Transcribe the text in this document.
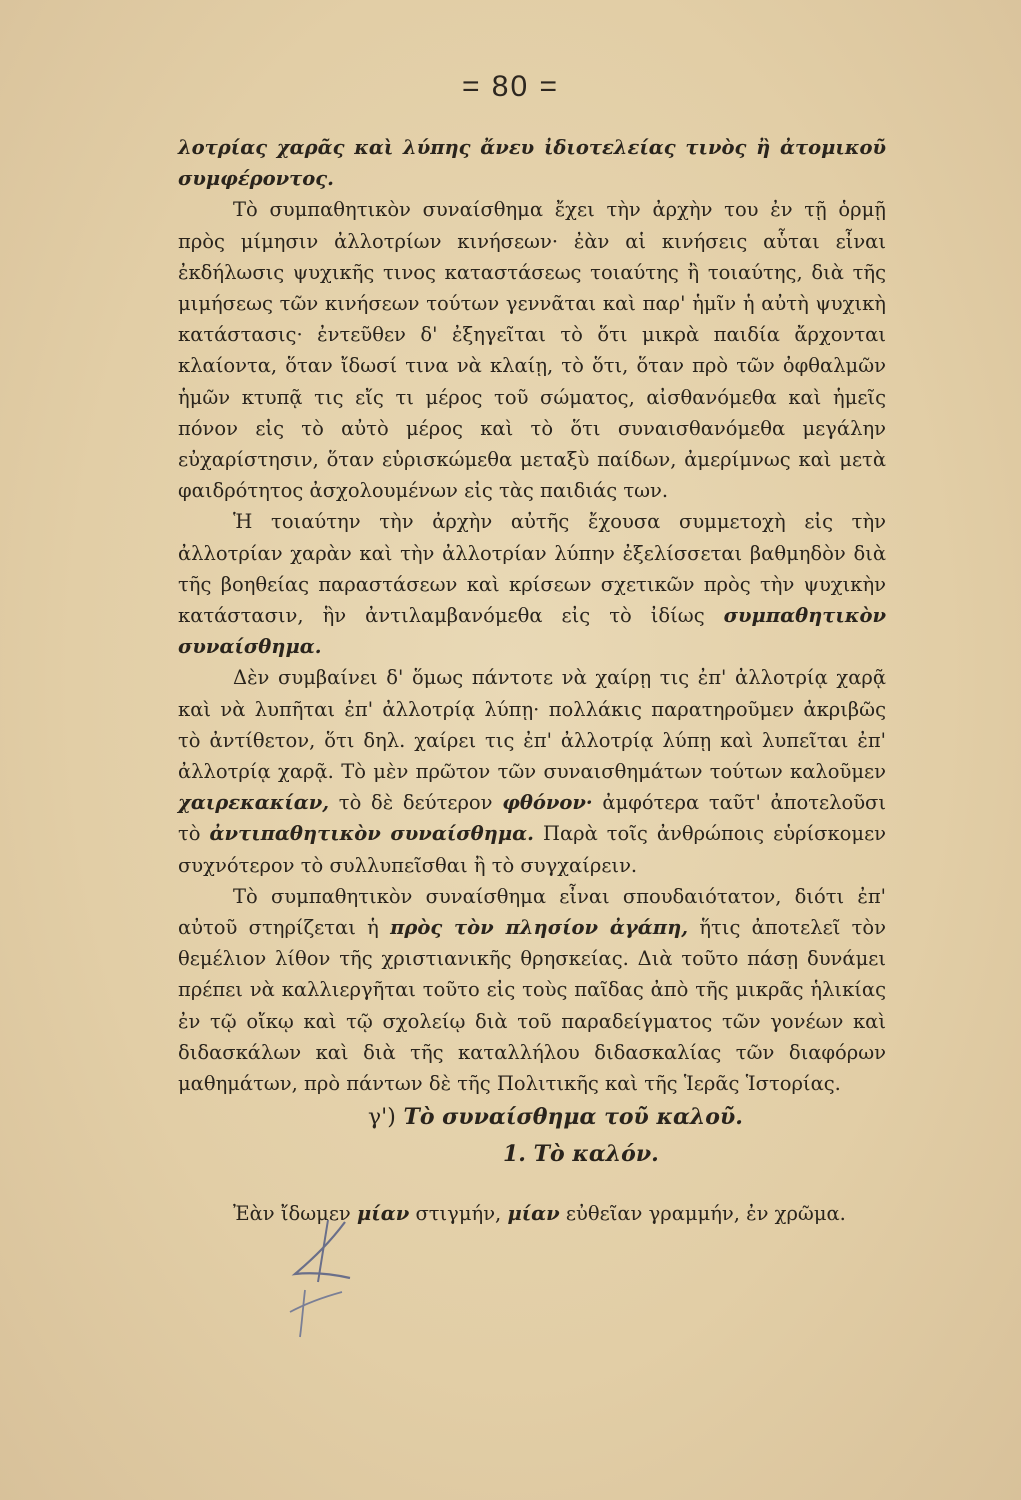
= 80 =

λοτρίας χαρᾶς καὶ λύπης ἄνευ ἰδιοτελείας τινὸς ἢ ἀτομικοῦ συμφέροντος.

Τὸ συμπαθητικὸν συναίσθημα ἔχει τὴν ἀρχὴν του ἐν τῇ ὁρμῇ πρὸς μίμησιν ἀλλοτρίων κινήσεων· ἐὰν αἱ κινήσεις αὗται εἶναι ἐκδήλωσις ψυχικῆς τινος καταστάσεως τοιαύτης ἢ τοιαύτης, διὰ τῆς μιμήσεως τῶν κινήσεων τούτων γεννᾶται καὶ παρ' ἡμῖν ἡ αὐτὴ ψυχικὴ κατάστασις· ἐντεῦθεν δ' ἐξηγεῖται τὸ ὅτι μικρὰ παιδία ἄρχονται κλαίοντα, ὅταν ἴδωσί τινα νὰ κλαίῃ, τὸ ὅτι, ὅταν πρὸ τῶν ὀφθαλμῶν ἡμῶν κτυπᾷ τις εἴς τι μέρος τοῦ σώματος, αἰσθανόμεθα καὶ ἡμεῖς πόνον εἰς τὸ αὐτὸ μέρος καὶ τὸ ὅτι συναισθανόμεθα μεγάλην εὐχαρίστησιν, ὅταν εὑρισκώμεθα μεταξὺ παίδων, ἀμερίμνως καὶ μετὰ φαιδρότητος ἀσχολουμένων εἰς τὰς παιδιάς των.

Ἡ τοιαύτην τὴν ἀρχὴν αὐτῆς ἔχουσα συμμετοχὴ εἰς τὴν ἀλλοτρίαν χαρὰν καὶ τὴν ἀλλοτρίαν λύπην ἐξελίσσεται βαθμηδὸν διὰ τῆς βοηθείας παραστάσεων καὶ κρίσεων σχετικῶν πρὸς τὴν ψυχικὴν κατάστασιν, ἣν ἀντιλαμβανόμεθα εἰς τὸ ἰδίως συμπαθητικὸν συναίσθημα.

Δὲν συμβαίνει δ' ὅμως πάντοτε νὰ χαίρῃ τις ἐπ' ἀλλοτρίᾳ χαρᾷ καὶ νὰ λυπῆται ἐπ' ἀλλοτρίᾳ λύπῃ· πολλάκις παρατηροῦμεν ἀκριβῶς τὸ ἀντίθετον, ὅτι δηλ. χαίρει τις ἐπ' ἀλλοτρίᾳ λύπῃ καὶ λυπεῖται ἐπ' ἀλλοτρίᾳ χαρᾷ. Τὸ μὲν πρῶτον τῶν συναισθημάτων τούτων καλοῦμεν χαιρεκακίαν, τὸ δὲ δεύτερον φθόνον· ἀμφότερα ταῦτ' ἀποτελοῦσι τὸ ἀντιπαθητικὸν συναίσθημα. Παρὰ τοῖς ἀνθρώποις εὑρίσκομεν συχνότερον τὸ συλλυπεῖσθαι ἢ τὸ συγχαίρειν.

Τὸ συμπαθητικὸν συναίσθημα εἶναι σπουδαιότατον, διότι ἐπ' αὐτοῦ στηρίζεται ἡ πρὸς τὸν πλησίον ἀγάπη, ἥτις ἀποτελεῖ τὸν θεμέλιον λίθον τῆς χριστιανικῆς θρησκείας. Διὰ τοῦτο πάσῃ δυνάμει πρέπει νὰ καλλιεργῆται τοῦτο εἰς τοὺς παῖδας ἀπὸ τῆς μικρᾶς ἡλικίας ἐν τῷ οἴκῳ καὶ τῷ σχολείῳ διὰ τοῦ παραδείγματος τῶν γονέων καὶ διδασκάλων καὶ διὰ τῆς καταλλήλου διδασκαλίας τῶν διαφόρων μαθημάτων, πρὸ πάντων δὲ τῆς Πολιτικῆς καὶ τῆς Ἱερᾶς Ἱστορίας.

γ') Τὸ συναίσθημα τοῦ καλοῦ.

1. Τὸ καλόν.

Ἐὰν ἴδωμεν μίαν στιγμήν, μίαν εὐθεῖαν γραμμήν, ἐν χρῶμα.
